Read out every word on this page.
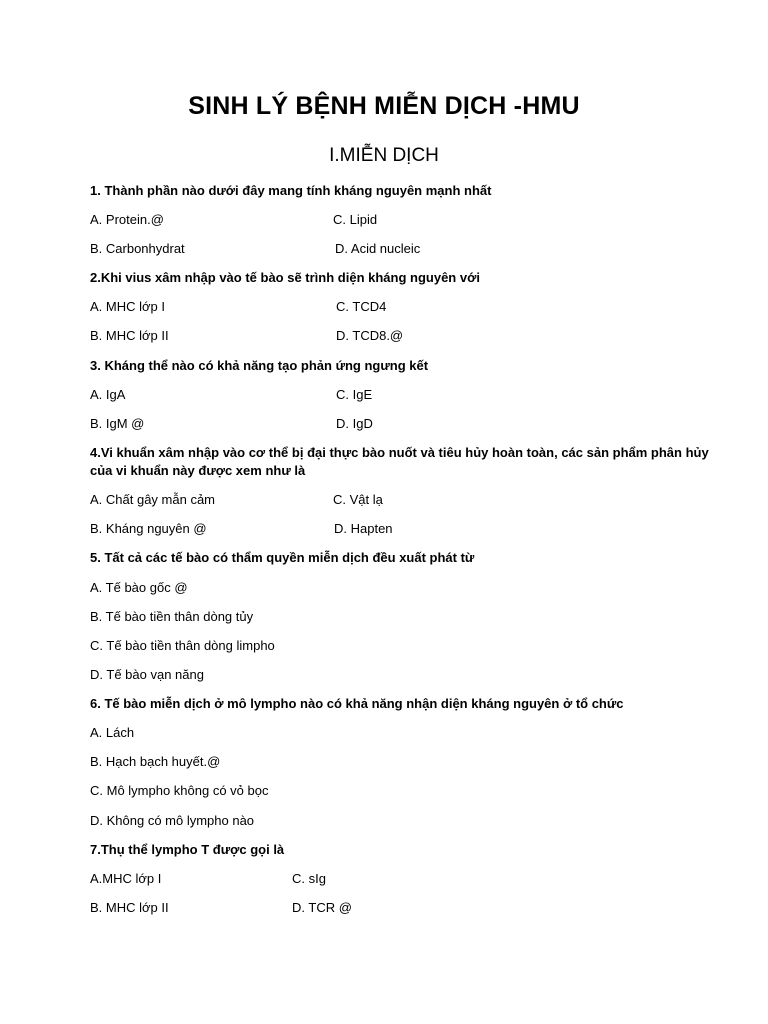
SINH LÝ BỆNH MIỄN DỊCH -HMU
I.MIỄN DỊCH
1. Thành phần nào dưới đây mang tính kháng nguyên mạnh nhất
A. Protein.@	C. Lipid
B. Carbonhydrat	D. Acid nucleic
2.Khi vius xâm nhập vào tế bào sẽ trình diện kháng nguyên với
A. MHC lớp I	C. TCD4
B. MHC lớp II	D. TCD8.@
3. Kháng thể nào có khả năng tạo phản ứng ngưng kết
A. IgA	C. IgE
B. IgM @	D. IgD
4.Vi khuẩn xâm nhập vào cơ thể bị đại thực bào nuốt và tiêu hủy hoàn toàn, các sản phẩm phân hủy
của vi khuẩn này được xem như là
A. Chất gây mẫn cảm	C. Vật lạ
B. Kháng nguyên @	D. Hapten
5. Tất cả các tế bào có thẩm quyền miễn dịch đều xuất phát từ
A. Tế bào gốc @
B. Tế bào tiền thân dòng tủy
C. Tế bào tiền thân dòng limpho
D. Tế bào vạn năng
6. Tế bào miễn dịch ở mô lympho nào có khả năng nhận diện kháng nguyên ở tổ chức
A. Lách
B. Hạch bạch huyết.@
C. Mô lympho không có vỏ bọc
D. Không có mô lympho nào
7.Thụ thể lympho T được gọi là
A.MHC lớp I	C. sIg
B. MHC lớp II	D. TCR @
